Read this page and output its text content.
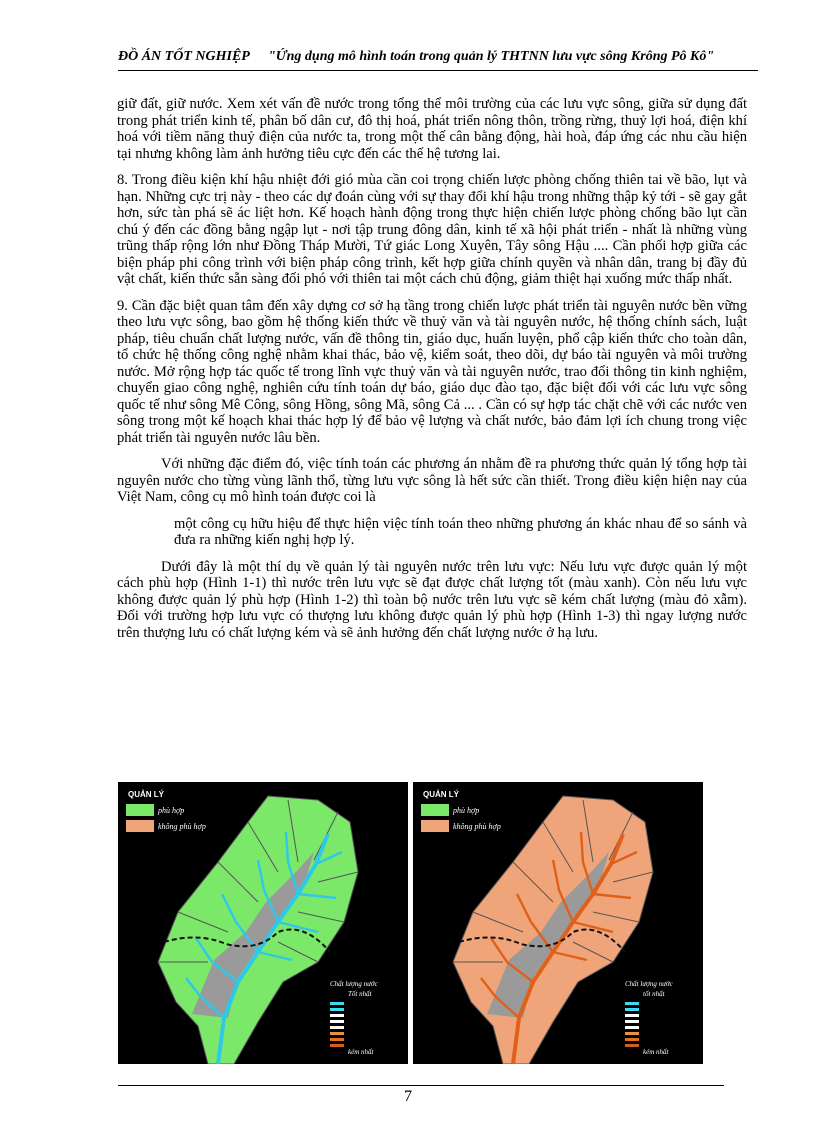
ĐỒ ÁN TỐT NGHIỆP "Ứng dụng mô hình toán trong quản lý THTNN lưu vực sông Krông Pô Kô"

giữ đất, giữ nước. Xem xét vấn đề nước trong tổng thể môi trường của các lưu vực sông, giữa sử dụng đất trong phát triển kinh tế, phân bố dân cư, đô thị hoá, phát triển nông thôn, trồng rừng, thuỷ lợi hoá, điện khí hoá với tiềm năng thuỷ điện của nước ta, trong một thế cân bằng động, hài hoà, đáp ứng các nhu cầu hiện tại nhưng không làm ảnh hưởng tiêu cực đến các thế hệ tương lai.

8. Trong điều kiện khí hậu nhiệt đới gió mùa cần coi trọng chiến lược phòng chống thiên tai về bão, lụt và hạn. Những cực trị này - theo các dự đoán cùng với sự thay đổi khí hậu trong những thập kỷ tới - sẽ gay gắt hơn, sức tàn phá sẽ ác liệt hơn. Kế hoạch hành động trong thực hiện chiến lược phòng chống bão lụt cần chú ý đến các đồng bằng ngập lụt - nơi tập trung đông dân, kinh tế xã hội phát triển - nhất là những vùng trũng thấp rộng lớn như Đồng Tháp Mười, Tứ giác Long Xuyên, Tây sông Hậu .... Cần phối hợp giữa các biện pháp phi công trình với biện pháp công trình, kết hợp giữa chính quyền và nhân dân, trang bị đầy đủ vật chất, kiến thức sẵn sàng đối phó với thiên tai một cách chủ động, giảm thiệt hại xuống mức thấp nhất.

9. Cần đặc biệt quan tâm đến xây dựng cơ sở hạ tầng trong chiến lược phát triển tài nguyên nước bền vững theo lưu vực sông, bao gồm hệ thống kiến thức về thuỷ văn và tài nguyên nước, hệ thống chính sách, luật pháp, tiêu chuẩn chất lượng nước, vấn đề thông tin, giáo dục, huấn luyện, phổ cập kiến thức cho toàn dân, tổ chức hệ thống công nghệ nhằm khai thác, bảo vệ, kiểm soát, theo dõi, dự báo tài nguyên và môi trường nước. Mở rộng hợp tác quốc tế trong lĩnh vực thuỷ văn và tài nguyên nước, trao đổi thông tin kinh nghiệm, chuyển giao công nghệ, nghiên cứu tính toán dự báo, giáo dục đào tạo, đặc biệt đối với các lưu vực sông quốc tế như sông Mê Công, sông Hồng, sông Mã, sông Cả ... . Cần có sự hợp tác chặt chẽ với các nước ven sông trong một kế hoạch khai thác hợp lý để bảo vệ lượng và chất nước, bảo đảm lợi ích chung trong việc phát triển tài nguyên nước lâu bền.

Với những đặc điểm đó, việc tính toán các phương án nhằm đề ra phương thức quản lý tổng hợp tài nguyên nước cho từng vùng lãnh thổ, từng lưu vực sông là hết sức cần thiết. Trong điều kiện hiện nay của Việt Nam, công cụ mô hình toán được coi là

một công cụ hữu hiệu để thực hiện việc tính toán theo những phương án khác nhau để so sánh và đưa ra những kiến nghị hợp lý.

Dưới đây là một thí dụ về quản lý tài nguyên nước trên lưu vực: Nếu lưu vực được quản lý một cách phù hợp (Hình 1-1) thì nước trên lưu vực sẽ đạt được chất lượng tốt (màu xanh). Còn nếu lưu vực không được quản lý phù hợp (Hình 1-2) thì toàn bộ nước trên lưu vực sẽ kém chất lượng (màu đỏ xẫm). Đối với trường hợp lưu vực có thượng lưu không được quản lý phù hợp (Hình 1-3) thì ngay lượng nước trên thượng lưu có chất lượng kém và sẽ ảnh hưởng đến chất lượng nước ở hạ lưu.

QUẢN LÝ
phù hợp
không phù hợp
Chất lượng nước
Tốt nhất
kém nhất
QUẢN LÝ
phù hợp
không phù hợp
Chất lượng nước
tốt nhất
kém nhất
7
